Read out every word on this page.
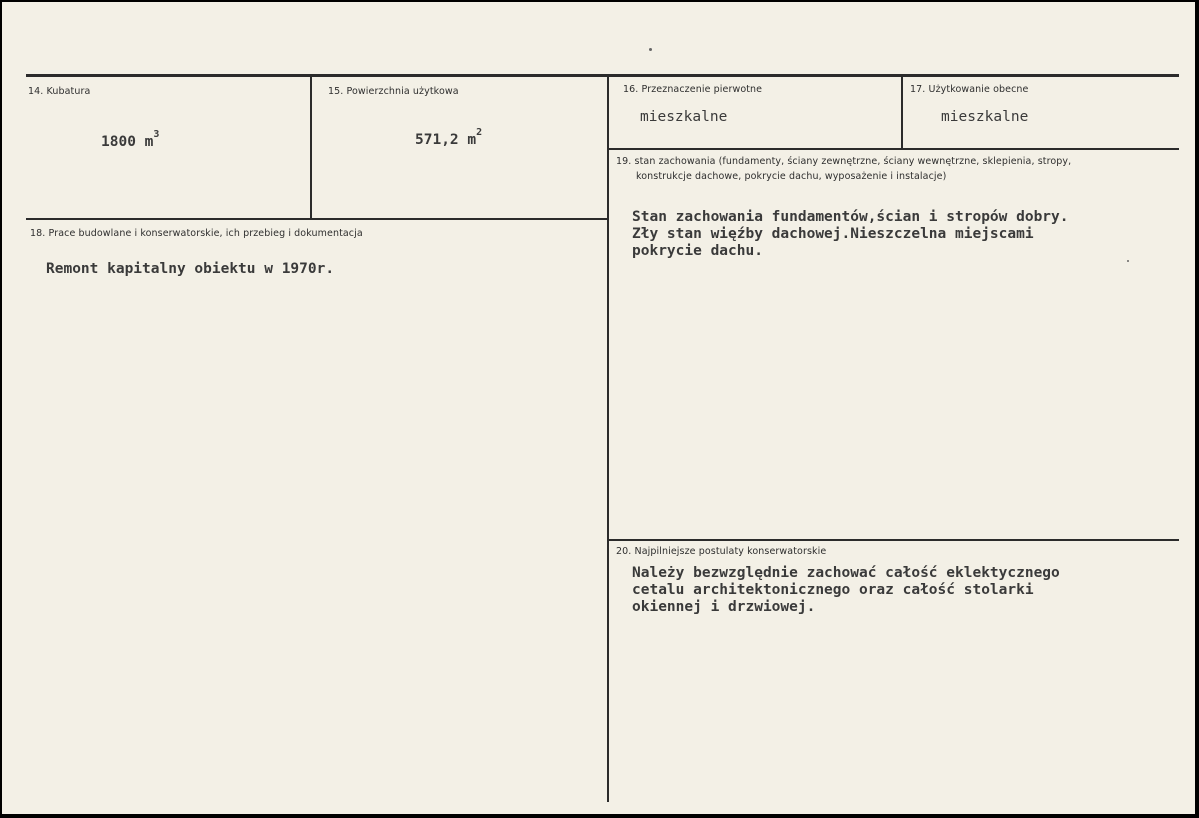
14. Kubatura
1800 $m^3$
15. Powierzchnia użytkowa
571,2 $m^2$
16. Przeznaczenie pierwotne
mieszkalne
17. Użytkowanie obecne
mieszkalne
18. Prace budowlane i konserwatorskie, ich przebieg i dokumentacja
Remont kapitalny obiektu w 1970r.
19. stan zachowania (fundamenty, ściany zewnętrzne, ściany wewnętrzne, sklepienia, stropy,
konstrukcje dachowe, pokrycie dachu, wyposażenie i instalacje)
Stan zachowania fundamentów,ścian i stropów dobry.
Zły stan więźby dachowej.Nieszczelna miejscami
pokrycie dachu.
20. Najpilniejsze postulaty konserwatorskie
Należy bezwzględnie zachować całość eklektycznego
cetalu architektonicznego oraz całość stolarki
okiennej i drzwiowej.
